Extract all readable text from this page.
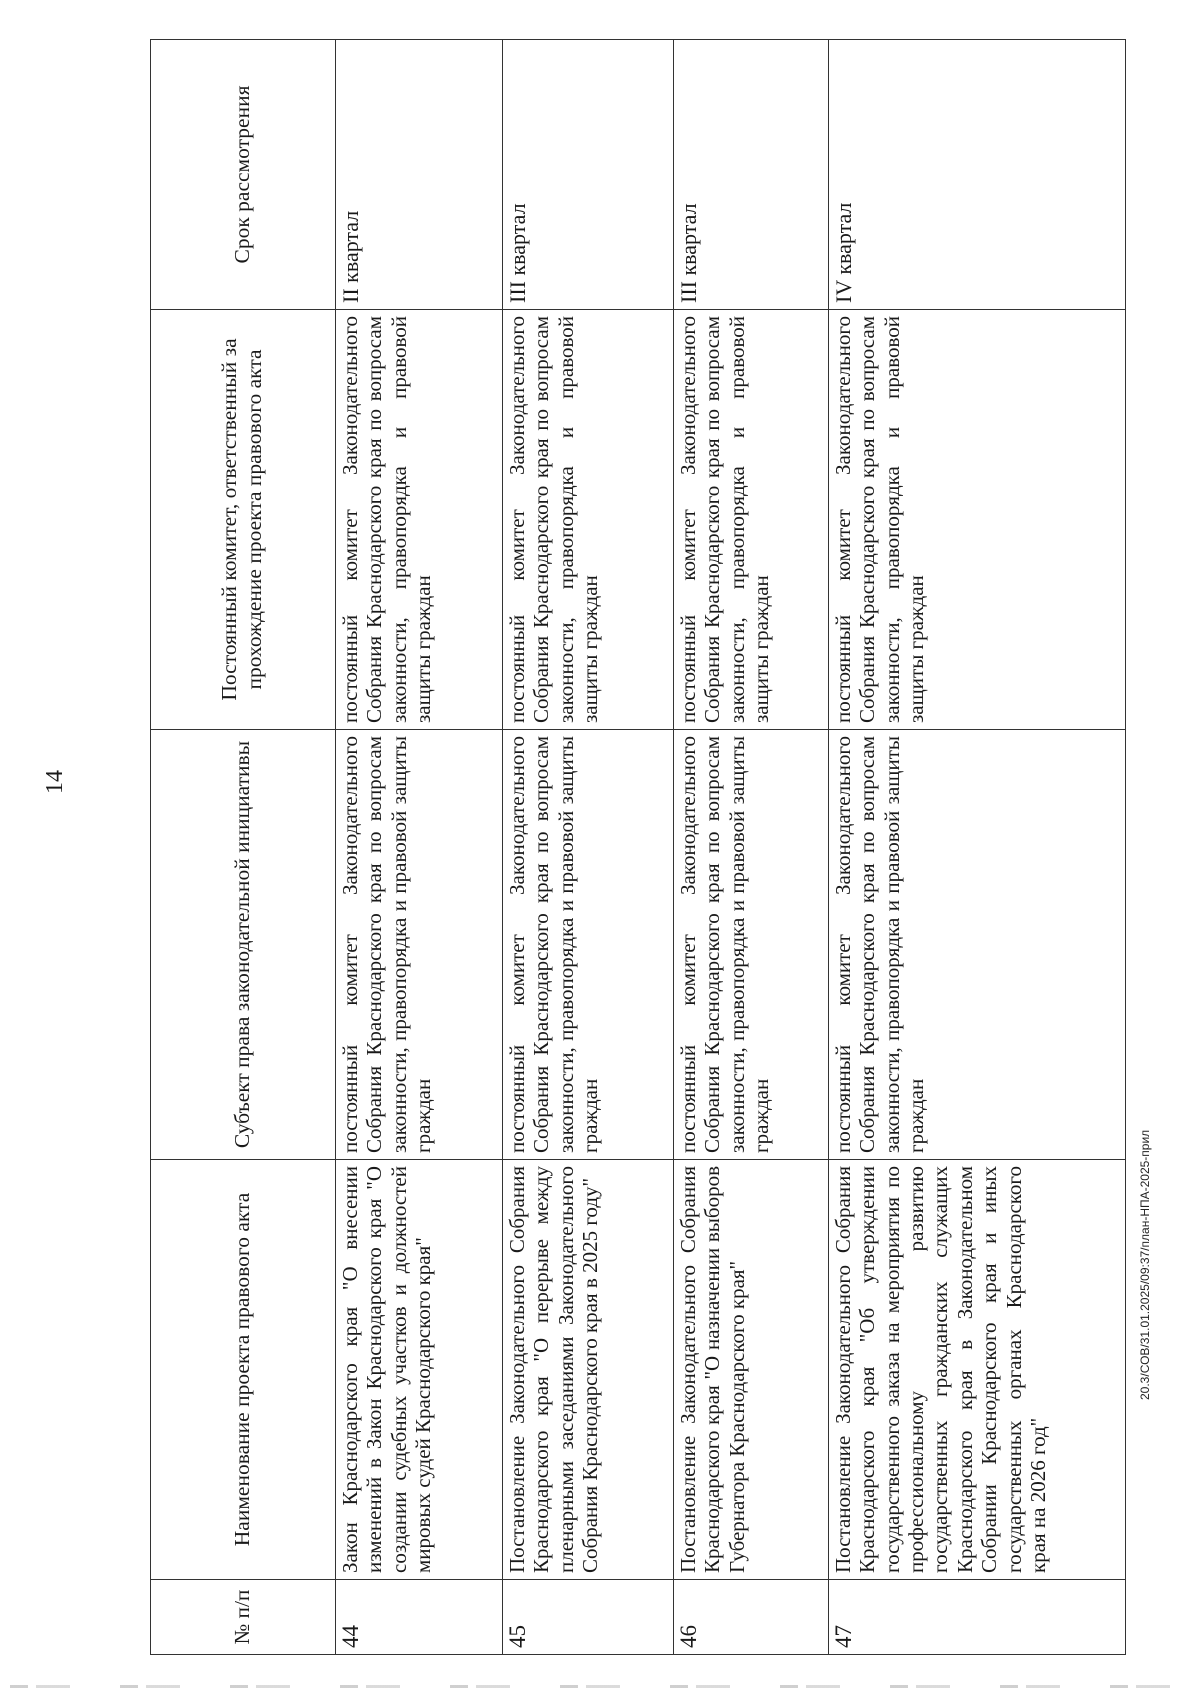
14
20.3/СОВ/31.01.2025/09:37/план-НПА-2025-прил
№ п/п	Наименование проекта правового акта	Субъект права законодательной инициативы	Постоянный комитет, ответственный за прохождение проекта правового акта	Срок рассмотрения
44	Закон Краснодарского края "О внесении изменений в Закон Краснодарского края "О создании судебных участков и должностей мировых судей Краснодарского края"	постоянный комитет Законодательного Собрания Краснодарского края по вопросам законности, правопорядка и правовой защиты граждан	постоянный комитет Законодательного Собрания Краснодарского края по вопросам законности, правопорядка и правовой защиты граждан	II квартал
45	Постановление Законодательного Собрания Краснодарского края "О перерыве между пленарными заседаниями Законодательного Собрания Краснодарского края в 2025 году"	постоянный комитет Законодательного Собрания Краснодарского края по вопросам законности, правопорядка и правовой защиты граждан	постоянный комитет Законодательного Собрания Краснодарского края по вопросам законности, правопорядка и правовой защиты граждан	III квартал
46	Постановление Законодательного Собрания Краснодарского края "О назначении выборов Губернатора Краснодарского края"	постоянный комитет Законодательного Собрания Краснодарского края по вопросам законности, правопорядка и правовой защиты граждан	постоянный комитет Законодательного Собрания Краснодарского края по вопросам законности, правопорядка и правовой защиты граждан	III квартал
47	Постановление Законодательного Собрания Краснодарского края "Об утверждении государственного заказа на мероприятия по профессиональному развитию государственных гражданских служащих Краснодарского края в Законодательном Собрании Краснодарского края и иных государственных органах Краснодарского края на 2026 год"	постоянный комитет Законодательного Собрания Краснодарского края по вопросам законности, правопорядка и правовой защиты граждан	постоянный комитет Законодательного Собрания Краснодарского края по вопросам законности, правопорядка и правовой защиты граждан	IV квартал
